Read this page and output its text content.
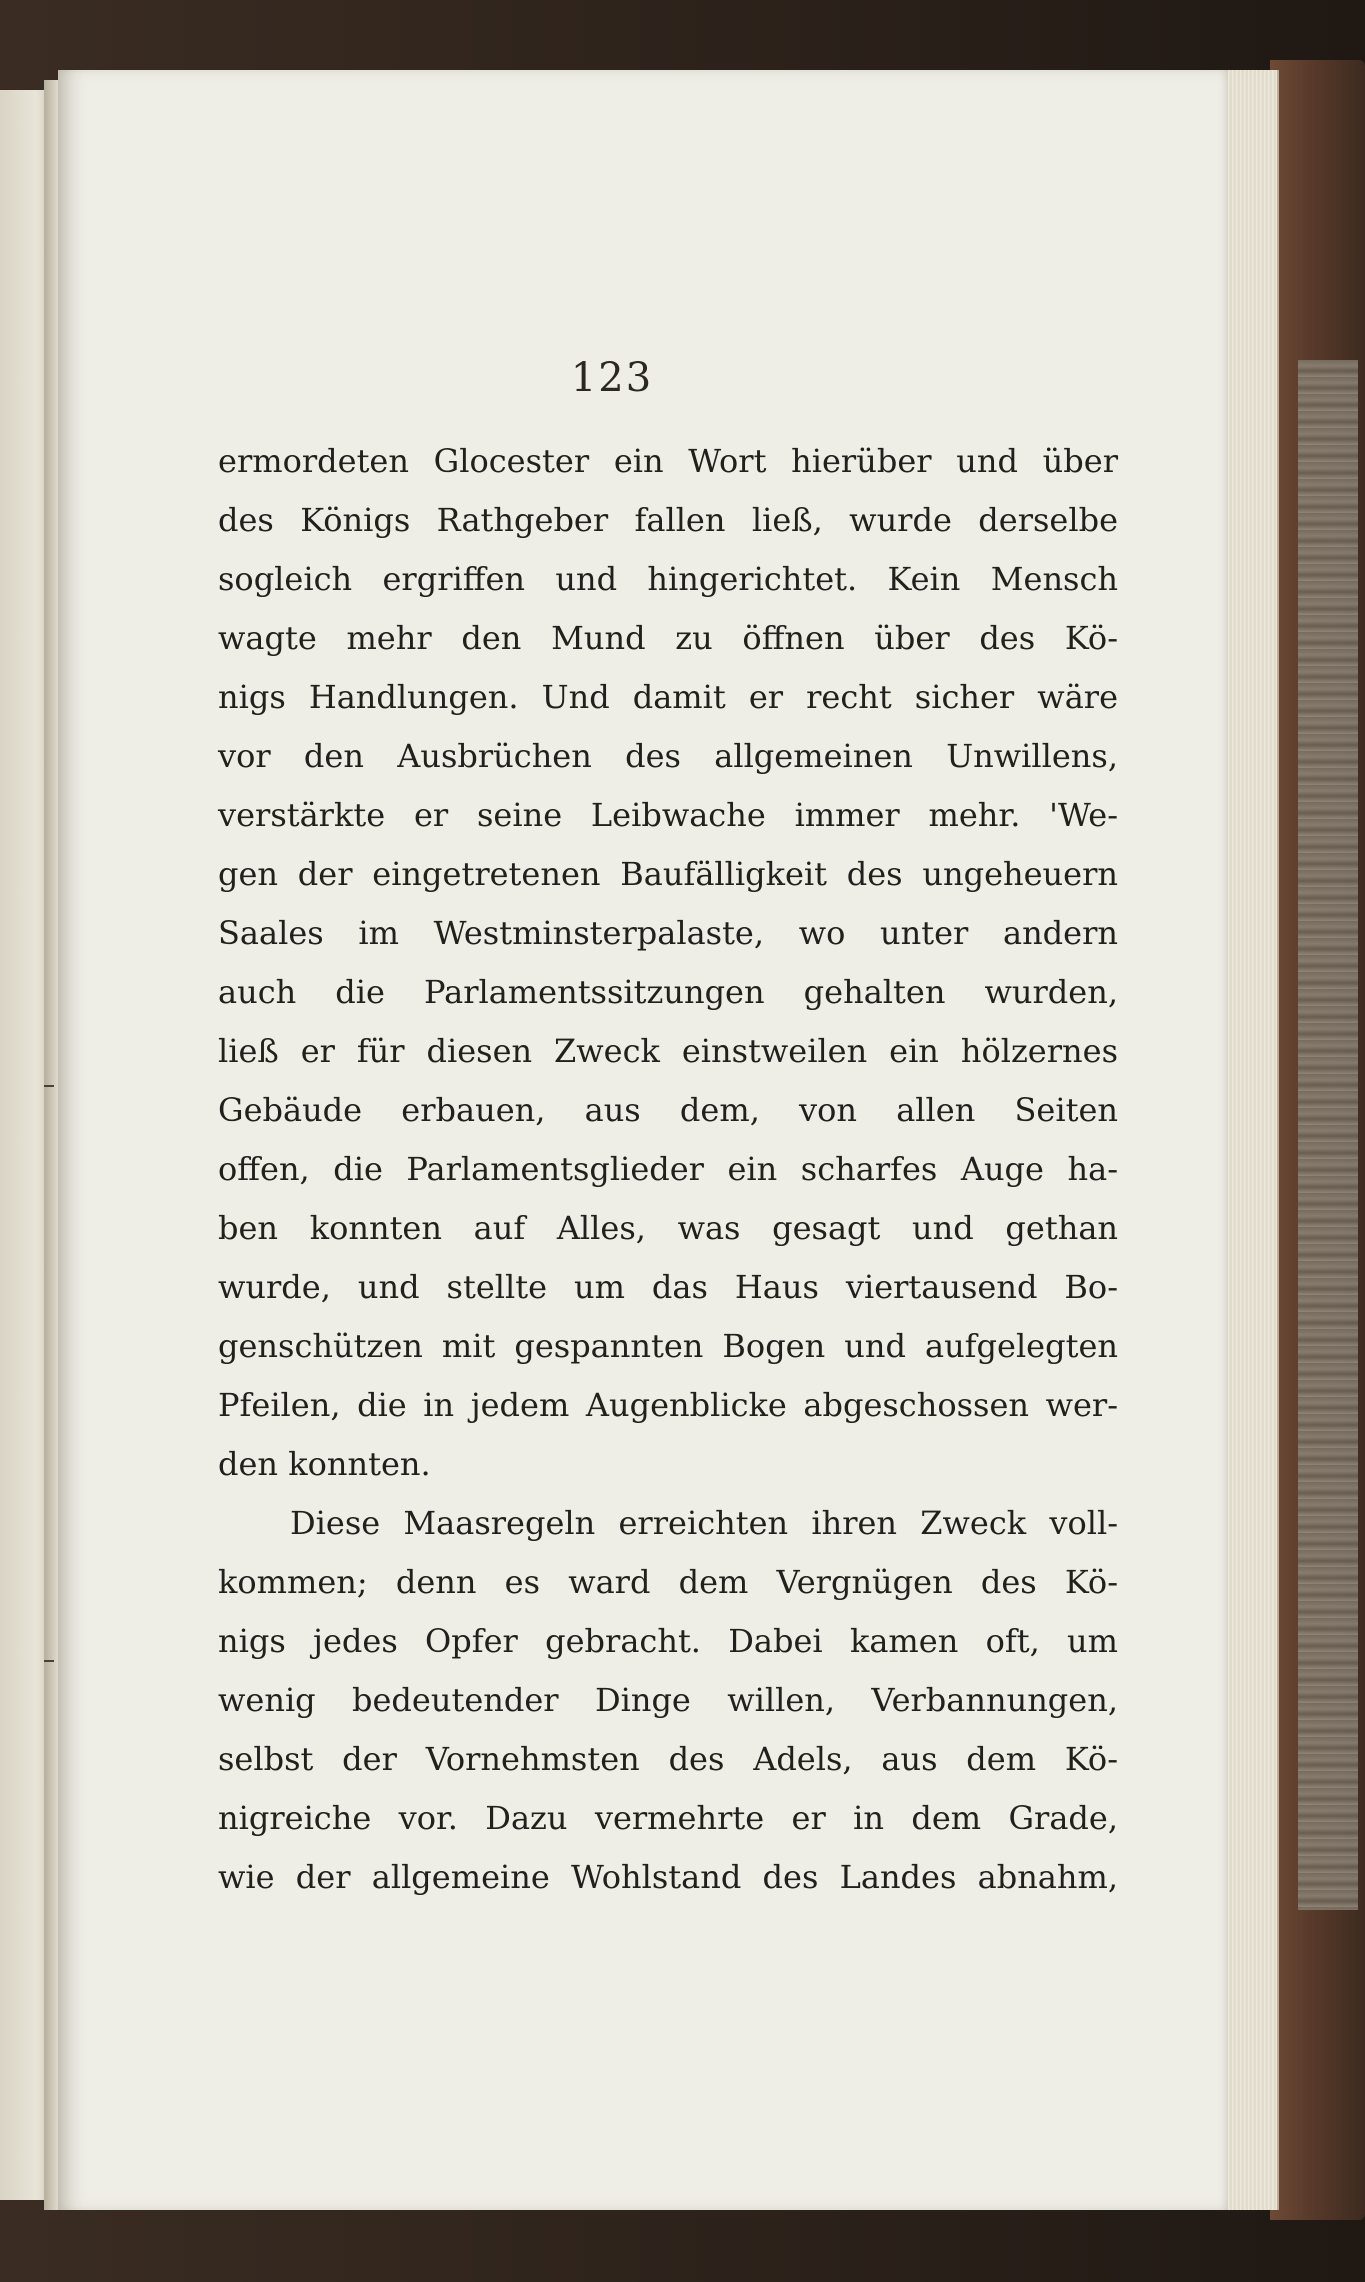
123
ermordeten Glocester ein Wort hierüber und über
des Königs Rathgeber fallen ließ, wurde derselbe
sogleich ergriffen und hingerichtet. Kein Mensch
wagte mehr den Mund zu öffnen über des Kö-
nigs Handlungen. Und damit er recht sicher wäre
vor den Ausbrüchen des allgemeinen Unwillens,
verstärkte er seine Leibwache immer mehr. 'We-
gen der eingetretenen Baufälligkeit des ungeheuern
Saales im Westminsterpalaste, wo unter andern
auch die Parlamentssitzungen gehalten wurden,
ließ er für diesen Zweck einstweilen ein hölzernes
Gebäude erbauen, aus dem, von allen Seiten
offen, die Parlamentsglieder ein scharfes Auge ha-
ben konnten auf Alles, was gesagt und gethan
wurde, und stellte um das Haus viertausend Bo-
genschützen mit gespannten Bogen und aufgelegten
Pfeilen, die in jedem Augenblicke abgeschossen wer-
den konnten.
Diese Maasregeln erreichten ihren Zweck voll-
kommen; denn es ward dem Vergnügen des Kö-
nigs jedes Opfer gebracht. Dabei kamen oft, um
wenig bedeutender Dinge willen, Verbannungen,
selbst der Vornehmsten des Adels, aus dem Kö-
nigreiche vor. Dazu vermehrte er in dem Grade,
wie der allgemeine Wohlstand des Landes abnahm,
